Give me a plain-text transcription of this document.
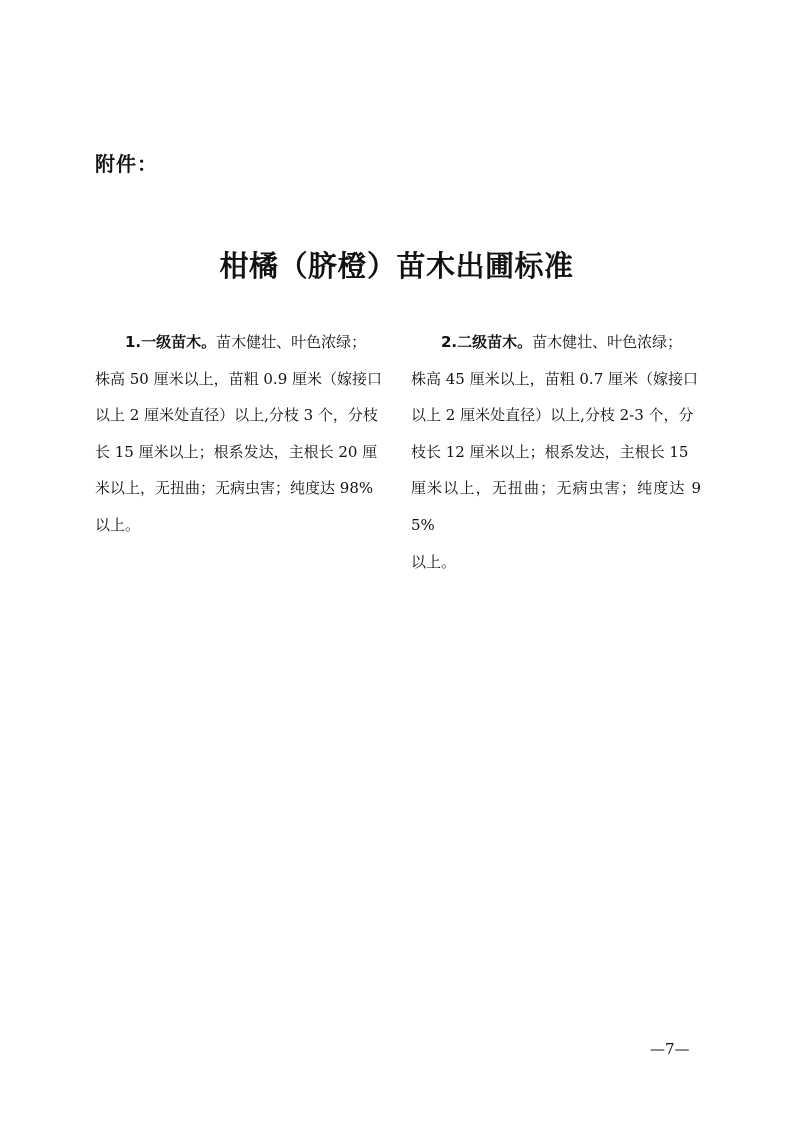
附件：
柑橘（脐橙）苗木出圃标准
1.一级苗木。苗木健壮、叶色浓绿；
株高 50 厘米以上，苗粗 0.9 厘米（嫁接口
以上 2 厘米处直径）以上,分枝 3 个，分枝
长 15 厘米以上；根系发达，主根长 20 厘
米以上，无扭曲；无病虫害；纯度达 98%
以上。
2.二级苗木。苗木健壮、叶色浓绿；
株高 45 厘米以上，苗粗 0.7 厘米（嫁接口
以上 2 厘米处直径）以上,分枝 2-3 个，分
枝长 12 厘米以上；根系发达，主根长 15
厘米以上，无扭曲；无病虫害；纯度达 95%
以上。
—7—
